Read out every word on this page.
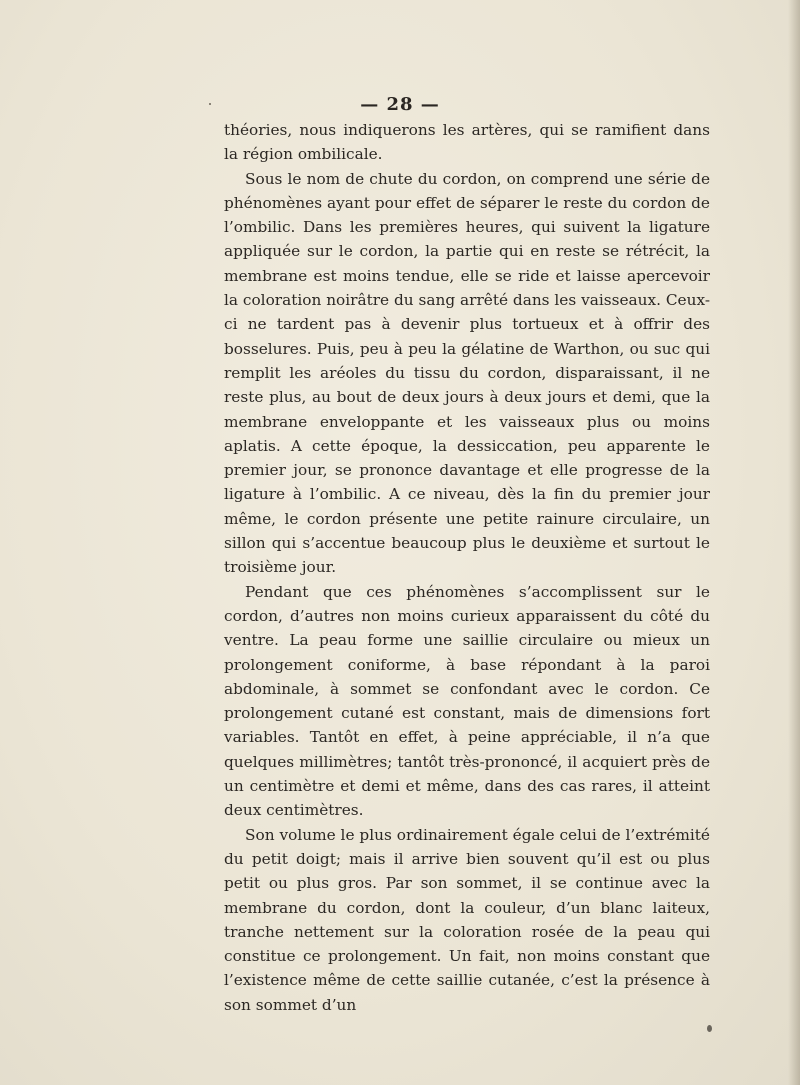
— 28 —

théories, nous indiquerons les artères, qui se ramifient dans la région ombilicale.

Sous le nom de chute du cordon, on comprend une série de phénomènes ayant pour effet de séparer le reste du cordon de l’ombilic. Dans les premières heures, qui suivent la ligature appliquée sur le cordon, la partie qui en reste se rétrécit, la membrane est moins tendue, elle se ride et laisse apercevoir la coloration noirâtre du sang arrêté dans les vaisseaux. Ceux-ci ne tardent pas à devenir plus tortueux et à offrir des bosselures. Puis, peu à peu la gélatine de Warthon, ou suc qui remplit les aréoles du tissu du cordon, disparaissant, il ne reste plus, au bout de deux jours à deux jours et demi, que la membrane enveloppante et les vaisseaux plus ou moins aplatis. A cette époque, la dessiccation, peu apparente le premier jour, se prononce davantage et elle progresse de la ligature à l’ombilic. A ce niveau, dès la fin du premier jour même, le cordon présente une petite rainure circulaire, un sillon qui s’accentue beaucoup plus le deuxième et surtout le troisième jour.

Pendant que ces phénomènes s’accomplissent sur le cordon, d’autres non moins curieux apparaissent du côté du ventre. La peau forme une saillie circulaire ou mieux un prolongement coniforme, à base répondant à la paroi abdominale, à sommet se confondant avec le cordon. Ce prolongement cutané est constant, mais de dimensions fort variables. Tantôt en effet, à peine appréciable, il n’a que quelques millimètres; tantôt très-prononcé, il acquiert près de un centimètre et demi et même, dans des cas rares, il atteint deux centimètres.

Son volume le plus ordinairement égale celui de l’extrémité du petit doigt; mais il arrive bien souvent qu’il est ou plus petit ou plus gros. Par son sommet, il se continue avec la membrane du cordon, dont la couleur, d’un blanc laiteux, tranche nettement sur la coloration rosée de la peau qui constitue ce prolongement. Un fait, non moins constant que l’existence même de cette saillie cutanée, c’est la présence à son sommet d’un
